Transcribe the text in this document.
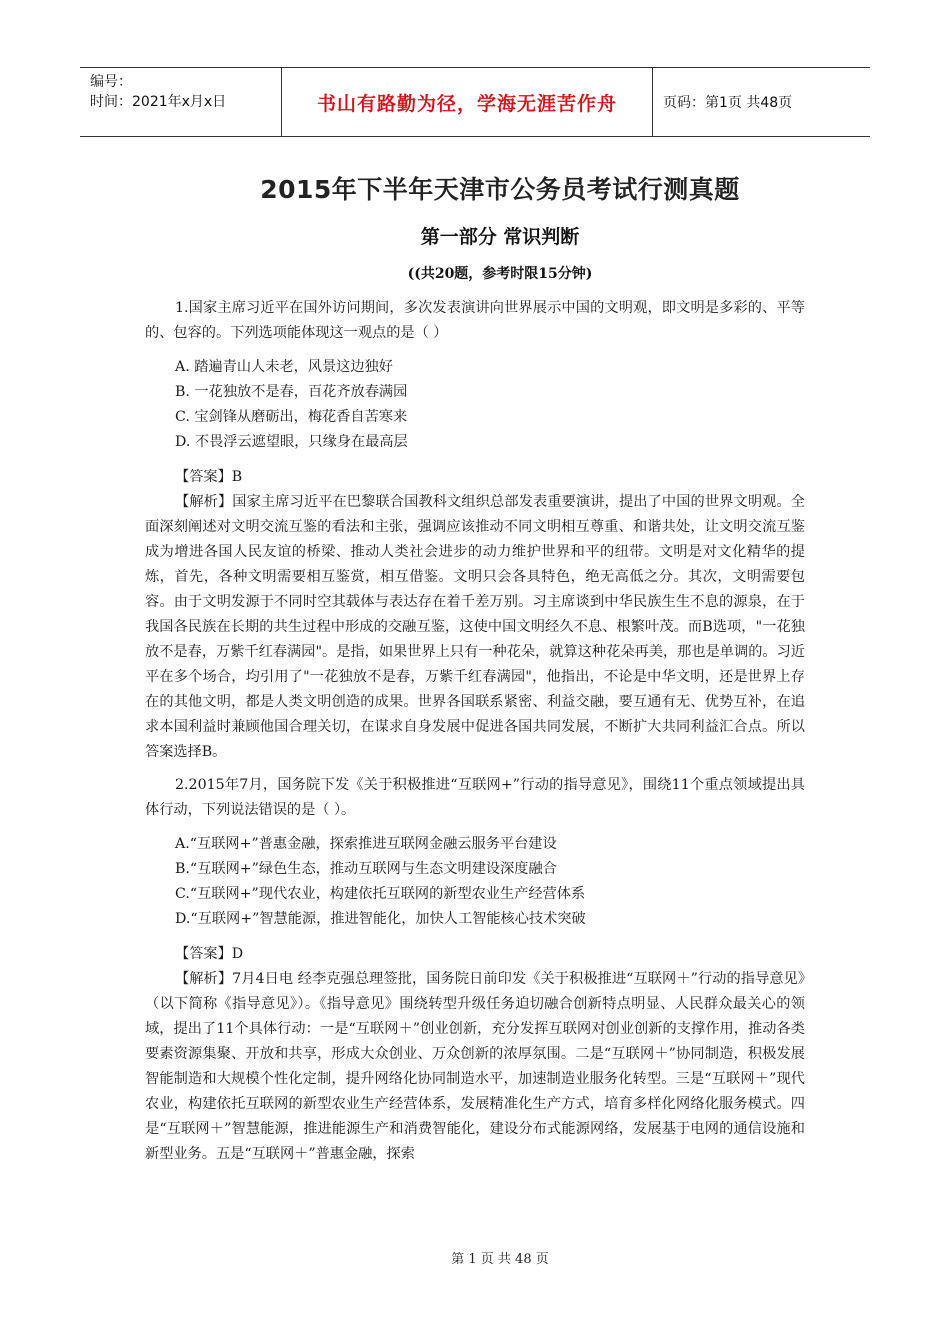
编号：
时间：2021年x月x日	书山有路勤为径，学海无涯苦作舟	页码：第1页 共48页
2015年下半年天津市公务员考试行测真题
第一部分 常识判断
((共20题，参考时限15分钟)

1.国家主席习近平在国外访问期间，多次发表演讲向世界展示中国的文明观，即文明是多彩的、平等的、包容的。下列选项能体现这一观点的是（ ）

A. 踏遍青山人未老，风景这边独好

B. 一花独放不是春，百花齐放春满园

C. 宝剑锋从磨砺出，梅花香自苦寒来

D. 不畏浮云遮望眼，只缘身在最高层

【答案】B

【解析】国家主席习近平在巴黎联合国教科文组织总部发表重要演讲，提出了中国的世界文明观。全面深刻阐述对文明交流互鉴的看法和主张，强调应该推动不同文明相互尊重、和谐共处，让文明交流互鉴成为增进各国人民友谊的桥梁、推动人类社会进步的动力维护世界和平的纽带。文明是对文化精华的提炼，首先，各种文明需要相互鉴赏，相互借鉴。文明只会各具特色，绝无高低之分。其次，文明需要包容。由于文明发源于不同时空其载体与表达存在着千差万别。习主席谈到中华民族生生不息的源泉，在于我国各民族在长期的共生过程中形成的交融互鉴，这使中国文明经久不息、根繁叶茂。而B选项，"一花独放不是春，万紫千红春满园"。是指，如果世界上只有一种花朵，就算这种花朵再美，那也是单调的。习近平在多个场合，均引用了"一花独放不是春，万紫千红春满园"，他指出，不论是中华文明，还是世界上存在的其他文明，都是人类文明创造的成果。世界各国联系紧密、利益交融，要互通有无、优势互补，在追求本国利益时兼顾他国合理关切，在谋求自身发展中促进各国共同发展，不断扩大共同利益汇合点。所以答案选择B。

2.2015年7月，国务院下发《关于积极推进“互联网+”行动的指导意见》，围绕11个重点领域提出具体行动，下列说法错误的是（ ）。

A.“互联网+”普惠金融，探索推进互联网金融云服务平台建设

B.“互联网+”绿色生态，推动互联网与生态文明建设深度融合

C.“互联网+”现代农业，构建依托互联网的新型农业生产经营体系

D.“互联网+”智慧能源，推进智能化，加快人工智能核心技术突破

【答案】D

【解析】7月4日电 经李克强总理签批，国务院日前印发《关于积极推进“互联网＋”行动的指导意见》（以下简称《指导意见》）。《指导意见》围绕转型升级任务迫切融合创新特点明显、人民群众最关心的领域，提出了11个具体行动：一是“互联网＋”创业创新，充分发挥互联网对创业创新的支撑作用，推动各类要素资源集聚、开放和共享，形成大众创业、万众创新的浓厚氛围。二是“互联网＋”协同制造，积极发展智能制造和大规模个性化定制，提升网络化协同制造水平，加速制造业服务化转型。三是“互联网＋”现代农业，构建依托互联网的新型农业生产经营体系，发展精准化生产方式，培育多样化网络化服务模式。四是“互联网＋”智慧能源，推进能源生产和消费智能化，建设分布式能源网络，发展基于电网的通信设施和新型业务。五是“互联网＋”普惠金融，探索

第 1 页 共 48 页
